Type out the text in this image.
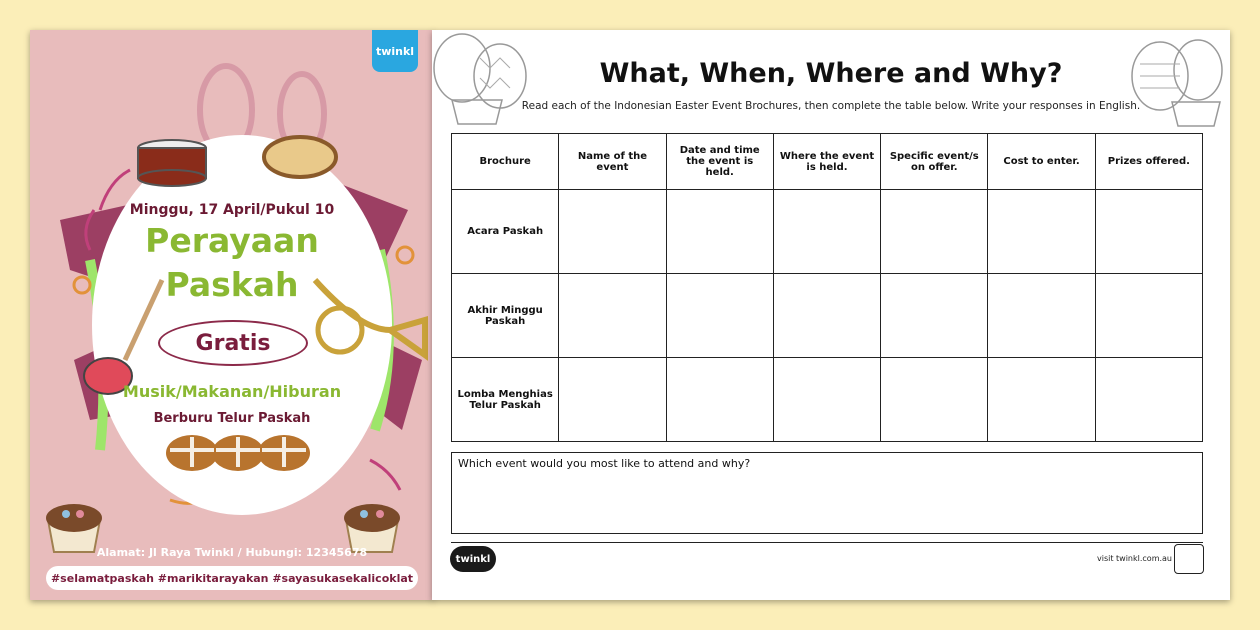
twinkl
Minggu, 17 April/Pukul 10
Perayaan
Paskah
Gratis
Musik/Makanan/Hiburan
Berburu Telur Paskah
Alamat: Jl Raya Twinkl / Hubungi: 12345678
#selamatpaskah #marikitarayakan #sayasukasekalicoklat
What, When, Where and Why?
Read each of the Indonesian Easter Event Brochures, then complete the table below. Write your responses in English.
Brochure	Name of the event	Date and time the event is held.	Where the event is held.	Specific event/s on offer.	Cost to enter.	Prizes offered.
Acara Paskah						
Akhir Minggu Paskah						
Lomba Menghias Telur Paskah						
Which event would you most like to attend and why?
twinkl	visit twinkl.com.au
